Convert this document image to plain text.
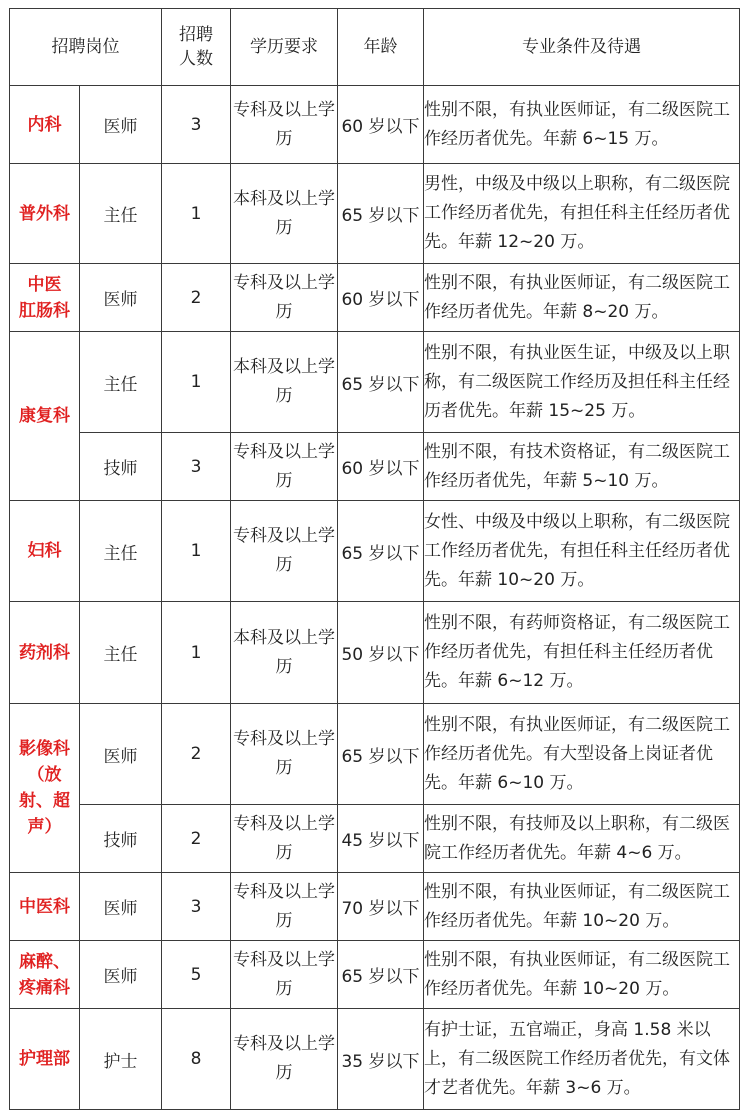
招聘岗位		招聘
人数	学历要求	年龄	专业条件及待遇
内科	医师	3	专科及以上学历	60 岁以下	性别不限，有执业医师证，有二级医院工作经历者优先。年薪 6~15 万。
普外科	主任	1	本科及以上学历	65 岁以下	男性，中级及中级以上职称，有二级医院工作经历者优先，有担任科主任经历者优先。年薪 12~20 万。
中医
肛肠科	医师	2	专科及以上学历	60 岁以下	性别不限，有执业医师证，有二级医院工作经历者优先。年薪 8~20 万。
康复科	主任	1	本科及以上学历	65 岁以下	性别不限，有执业医生证，中级及以上职称，有二级医院工作经历及担任科主任经历者优先。年薪 15~25 万。
	技师	3	专科及以上学历	60 岁以下	性别不限，有技术资格证，有二级医院工作经历者优先，年薪 5~10 万。
妇科	主任	1	专科及以上学历	65 岁以下	女性、中级及中级以上职称，有二级医院工作经历者优先，有担任科主任经历者优先。年薪 10~20 万。
药剂科	主任	1	本科及以上学历	50 岁以下	性别不限，有药师资格证，有二级医院工作经历者优先，有担任科主任经历者优先。年薪 6~12 万。
影像科
（放
射、超
声）	医师	2	专科及以上学历	65 岁以下	性别不限，有执业医师证，有二级医院工作经历者优先。有大型设备上岗证者优先。年薪 6~10 万。
	技师	2	专科及以上学历	45 岁以下	性别不限，有技师及以上职称，有二级医院工作经历者优先。年薪 4~6 万。
中医科	医师	3	专科及以上学历	70 岁以下	性别不限，有执业医师证，有二级医院工作经历者优先。年薪 10~20 万。
麻醉、
疼痛科	医师	5	专科及以上学历	65 岁以下	性别不限，有执业医师证，有二级医院工作经历者优先。年薪 10~20 万。
护理部	护士	8	专科及以上学历	35 岁以下	有护士证，五官端正，身高 1.58 米以上，有二级医院工作经历者优先，有文体才艺者优先。年薪 3~6 万。
